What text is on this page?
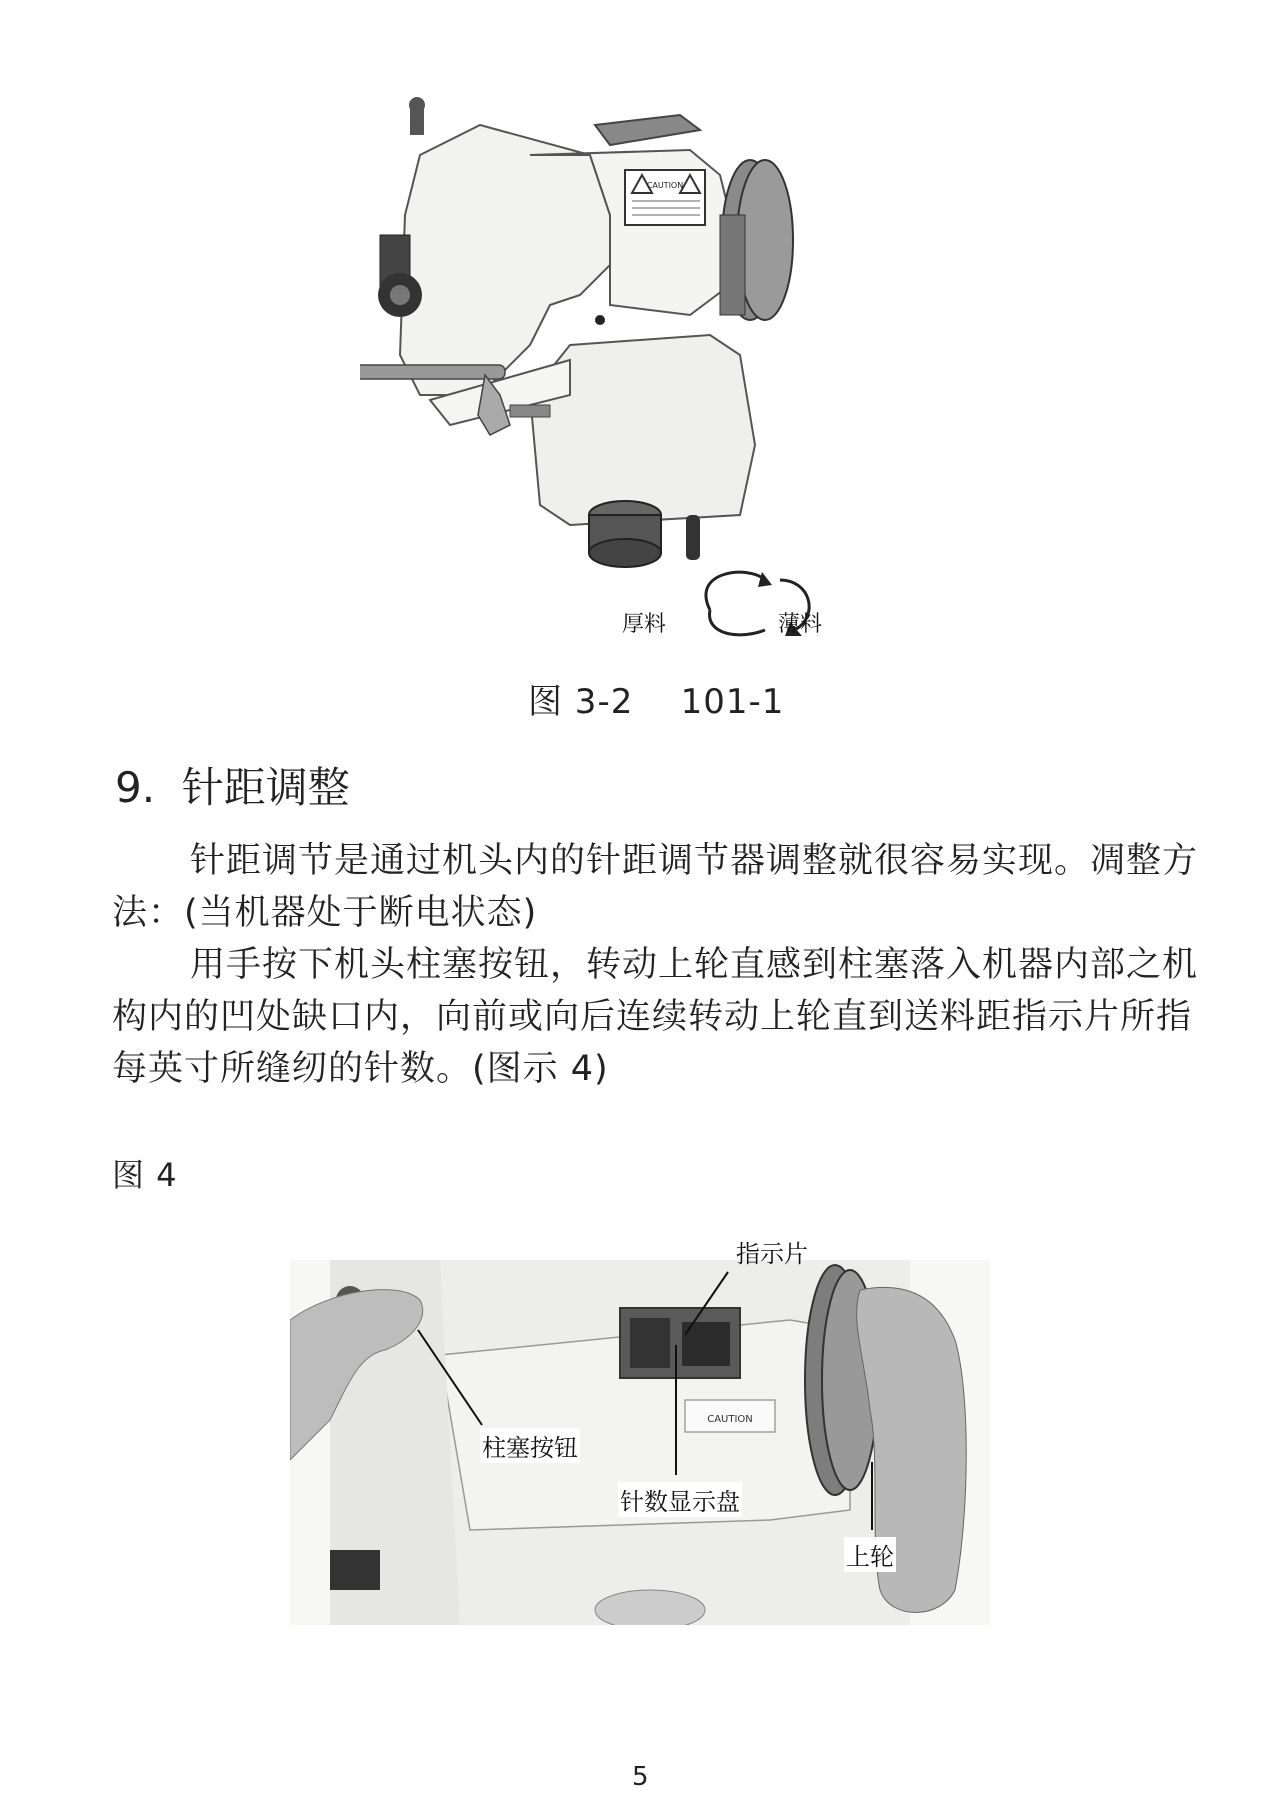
CAUTION
厚料	薄料
图 3-2    101-1
9.  针距调整
针距调节是通过机头内的针距调节器调整就很容易实现。凋整方法：(当机器处于断电状态)
用手按下机头柱塞按钮，转动上轮直感到柱塞落入机器内部之机构内的凹处缺口内，向前或向后连续转动上轮直到送料距指示片所指每英寸所缝纫的针数。(图示 4)
图 4
CAUTION
指示片
柱塞按钮
针数显示盘
上轮
5
